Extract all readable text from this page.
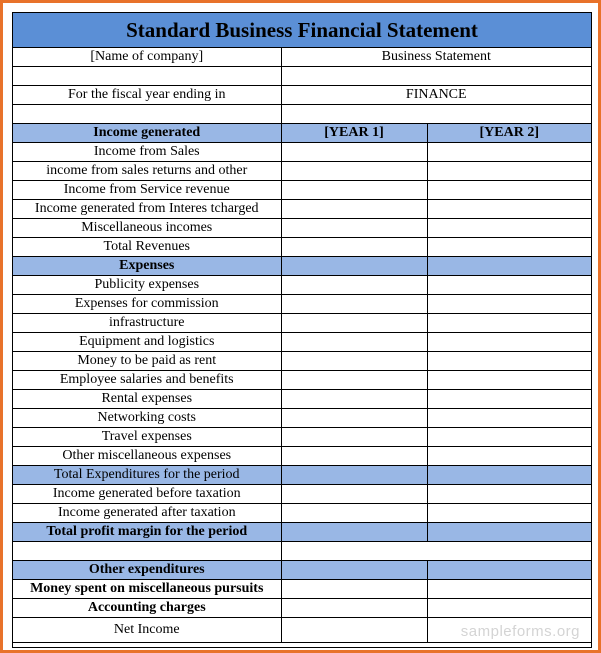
Standard Business Financial Statement
[Name of company]	Business Statement	

For the fiscal year ending in	FINANCE	

Income generated	[YEAR 1]	[YEAR 2]
Income from Sales		
income from sales returns and other		
Income from Service revenue		
Income generated from Interes tcharged		
Miscellaneous incomes		
Total Revenues		
Expenses		
Publicity expenses		
Expenses for commission		
infrastructure		
Equipment and logistics		
Money to be paid as rent		
Employee salaries and benefits		
Rental expenses		
Networking costs		
Travel expenses		
Other miscellaneous expenses		
Total Expenditures for the period		
Income generated before taxation		
Income generated after taxation		
Total profit margin for the period		

Other expenditures		
Money spent on miscellaneous pursuits		
Accounting charges		
Net Income			sampleforms.org
